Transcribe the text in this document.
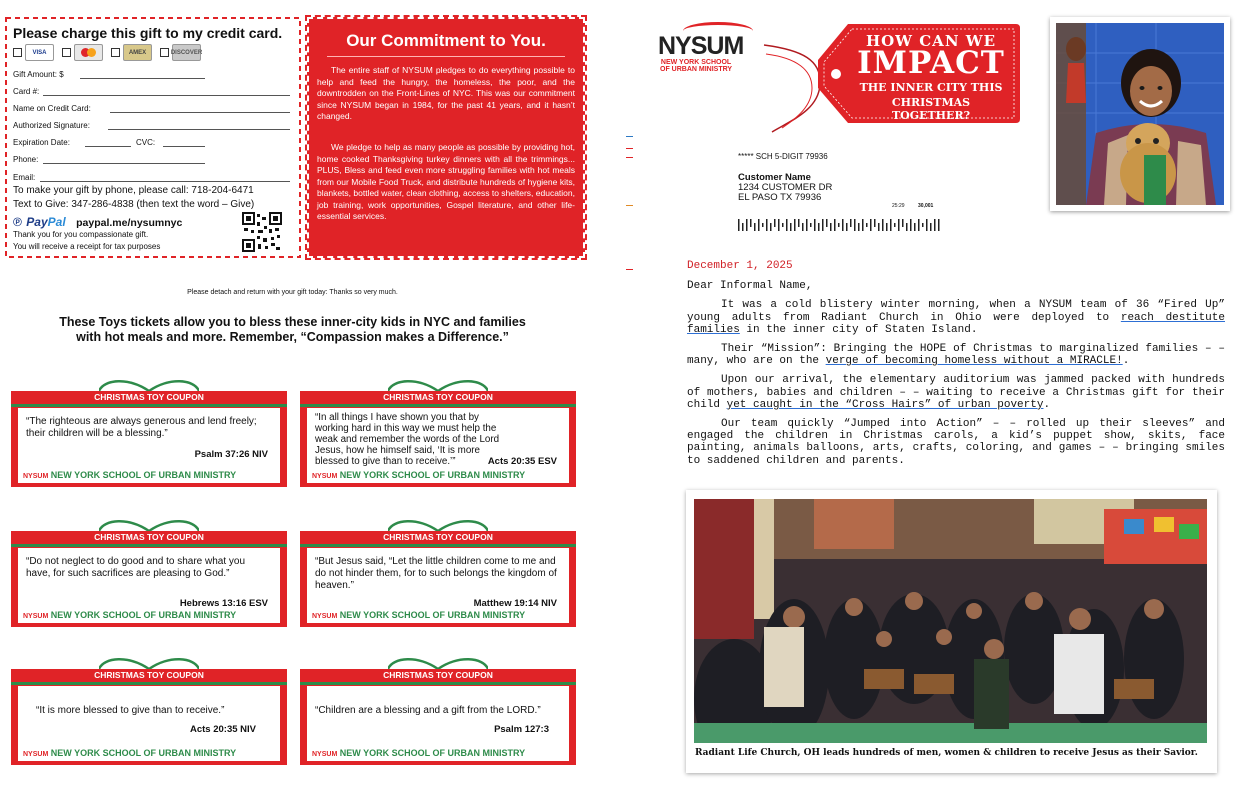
Please charge this gift to my credit card.
VISA	AMEX	DISCOVER
Gift Amount: $
Card #:
Name on Credit Card:
Authorized Signature:
Expiration Date:	CVC:
Phone:
Email:
To make your gift by phone, please call: 718-204-6471
Text to Give: 347-286-4838 (then text the word – Give)
℗ PayPal paypal.me/nysumnyc
Thank you for you compassionate gift.
You will receive a receipt for tax purposes
Our Commitment to You.
The entire staff of NYSUM pledges to do everything possible to help and feed the hungry, the homeless, the poor, and the downtrodden on the Front-Lines of NYC. This was our commitment since NYSUM began in 1984, for the past 41 years, and it hasn’t changed.
We pledge to help as many people as possible by providing hot, home cooked Thanksgiving turkey dinners with all the trimmings... PLUS, Bless and feed even more struggling families with hot meals from our Mobile Food Truck, and distribute hundreds of hygiene kits, blankets, bottled water, clean clothing, access to shelters, education, job training, work opportunities, Gospel literature, and other life-essential services.
Please detach and return with your gift today: Thanks so very much.
These Toys tickets allow you to bless these inner-city kids in NYC and families
with hot meals and more. Remember, “Compassion makes a Difference.”
CHRISTMAS TOY COUPON
“The righteous are always generous and lend freely; their children will be a blessing.”
Psalm 37:26 NIV
NYSUM NEW YORK SCHOOL OF URBAN MINISTRY
CHRISTMAS TOY COUPON
“In all things I have shown you that by working hard in this way we must help the weak and remember the words of the Lord Jesus, how he himself said, ‘It is more blessed to give than to receive.’”	Acts 20:35 ESV
NYSUM NEW YORK SCHOOL OF URBAN MINISTRY
CHRISTMAS TOY COUPON
“Do not neglect to do good and to share what you have, for such sacrifices are pleasing to God.”
Hebrews 13:16 ESV
NYSUM NEW YORK SCHOOL OF URBAN MINISTRY
CHRISTMAS TOY COUPON
“But Jesus said, “Let the little children come to me and do not hinder them, for to such belongs the kingdom of heaven.”
Matthew 19:14 NIV
NYSUM NEW YORK SCHOOL OF URBAN MINISTRY
CHRISTMAS TOY COUPON
“It is more blessed to give than to receive.”
Acts 20:35 NIV
NYSUM NEW YORK SCHOOL OF URBAN MINISTRY
CHRISTMAS TOY COUPON
“Children are a blessing and a gift from the LORD.”
Psalm 127:3
NYSUM NEW YORK SCHOOL OF URBAN MINISTRY
NYSUM
NEW YORK SCHOOL
OF URBAN MINISTRY
HOW CAN WE
IMPACT
THE INNER CITY THIS
CHRISTMAS TOGETHER?
***** SCH 5-DIGIT 79936
Customer Name
1234 CUSTOMER DR
EL PASO TX 79936
25:29	30,001
December 1, 2025
Dear Informal Name,

It was a cold blistery winter morning, when a NYSUM team of 36 “Fired Up” young adults from Radiant Church in Ohio were deployed to reach destitute families in the inner city of Staten Island.

Their “Mission”: Bringing the HOPE of Christmas to marginalized families – – many, who are on the verge of becoming homeless without a MIRACLE!.

Upon our arrival, the elementary auditorium was jammed packed with hundreds of mothers, babies and children – – waiting to receive a Christmas gift for their child yet caught in the “Cross Hairs” of urban poverty.

Our team quickly “Jumped into Action” – – rolled up their sleeves” and engaged the children in Christmas carols, a kid’s puppet show, skits, face painting, animals balloons, arts, crafts, coloring, and games – – bringing smiles to saddened children and parents.

Radiant Life Church, OH leads hundreds of men, women & children to receive Jesus as their Savior.
